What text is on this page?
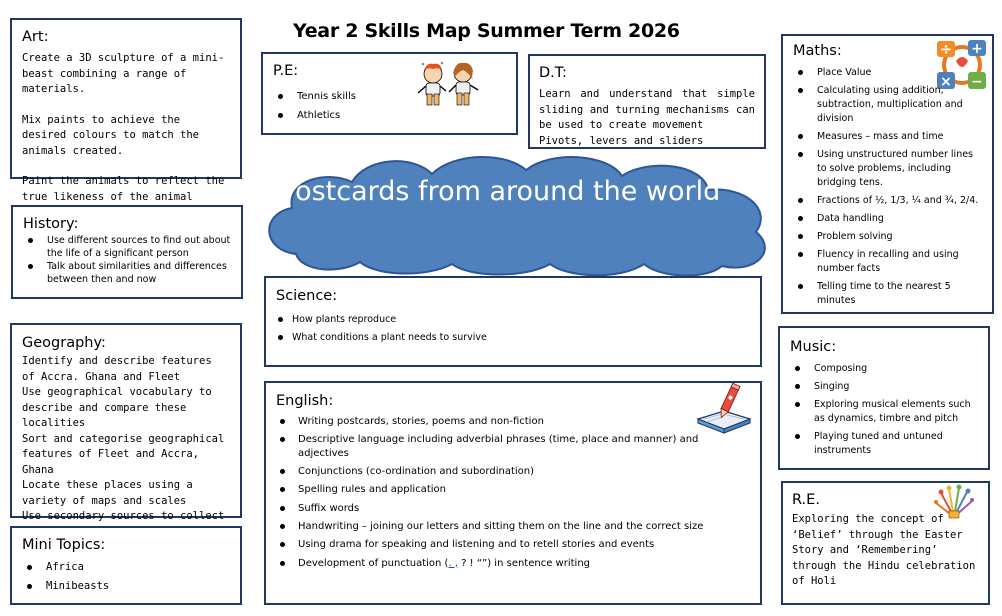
Year 2 Skills Map Summer Term 2026
Art:
Create a 3D sculpture of a mini-beast combining a range of materials.
Mix paints to achieve the desired colours to match the animals created.
Paint the animals to reflect the true likeness of the animal
P.E:
Tennis skills
Athletics
D.T:
Learn and understand that simple sliding and turning mechanisms can be used to create movement
Pivots, levers and sliders
Maths:	÷ +
× −
Place Value
Calculating using addition, subtraction, multiplication and division
Measures – mass and time
Using unstructured number lines to solve problems, including bridging tens.
Fractions of ½, 1/3, ¼ and ¾, 2/4.
Data handling
Problem solving
Fluency in recalling and using number facts
Telling time to the nearest 5 minutes
History:
Use different sources to find out about the life of a significant person
Talk about similarities and differences between then and now
Postcards from around the world
Science:
How plants reproduce
What conditions a plant needs to survive
Geography:
Identify and describe features of Accra. Ghana and Fleet
Use geographical vocabulary to describe and compare these localities
Sort and categorise geographical features of Fleet and Accra, Ghana
Locate these places using a variety of maps and scales
Use secondary sources to collect
Mini Topics:
Africa
Minibeasts
Music:
Composing
Singing
Exploring musical elements such as dynamics, timbre and pitch
Playing tuned and untuned instruments
English:
Writing postcards, stories, poems and non-fiction
Descriptive language including adverbial phrases (time, place and manner) and adjectives
Conjunctions (co-ordination and subordination)
Spelling rules and application
Suffix words
Handwriting – joining our letters and sitting them on the line and the correct size
Using drama for speaking and listening and to retell stories and events
Development of punctuation (. , ? ! “”) in sentence writing
R.E.
Exploring the concept of ‘Belief’ through the Easter Story and ‘Remembering’ through the Hindu celebration of Holi
